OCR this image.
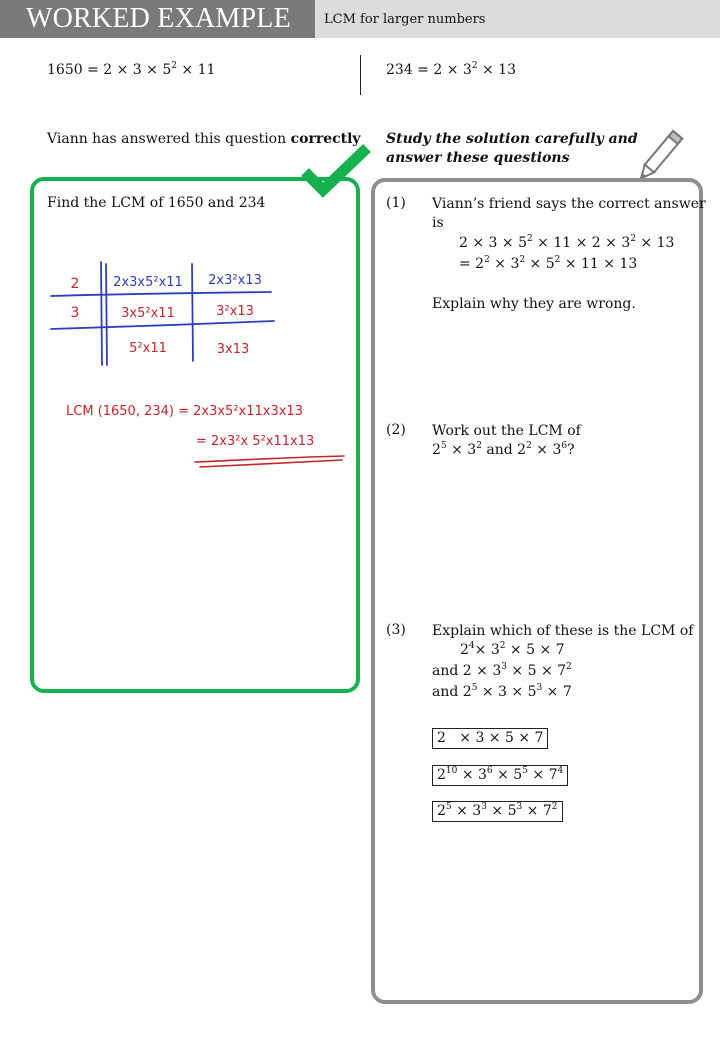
WORKED EXAMPLE	LCM for larger numbers
$1650 = 2 \times 3 \times 5^2 \times 11$	$234 = 2 \times 3^2 \times 13$
Viann has answered this question correctly Study the solution carefully and answer these questions
Find the LCM of 1650 and 234
2
3
2x3x5²x11
3x5²x11
5²x11
2x3²x13
3²x13
3x13
LCM (1650, 234) = 2x3x5²x11x3x13
= 2x3²x 5²x11x13
(1) Viann’s friend says the correct answer
is
$2 \times 3 \times 5^2 \times 11 \times 2 \times 3^2 \times 13$
= $2^2 \times 3^2 \times 5^2 \times 11 \times 13$
Explain why they are wrong.
(2) Work out the LCM of
$2^5 \times 3^2$ and $2^2 \times 3^6$?
(3) Explain which of these is the LCM of
$2^4\times 3^2 \times 5 \times 7$
and $2 \times 3^3 \times 5 \times 7^2$
and $2^5 \times 3 \times 5^3 \times 7$
2   × 3 × 5 × 7
$2^{10} \times 3^6 \times 5^5 \times 7^4$
$2^5 \times 3^3 \times 5^3 \times 7^2$
